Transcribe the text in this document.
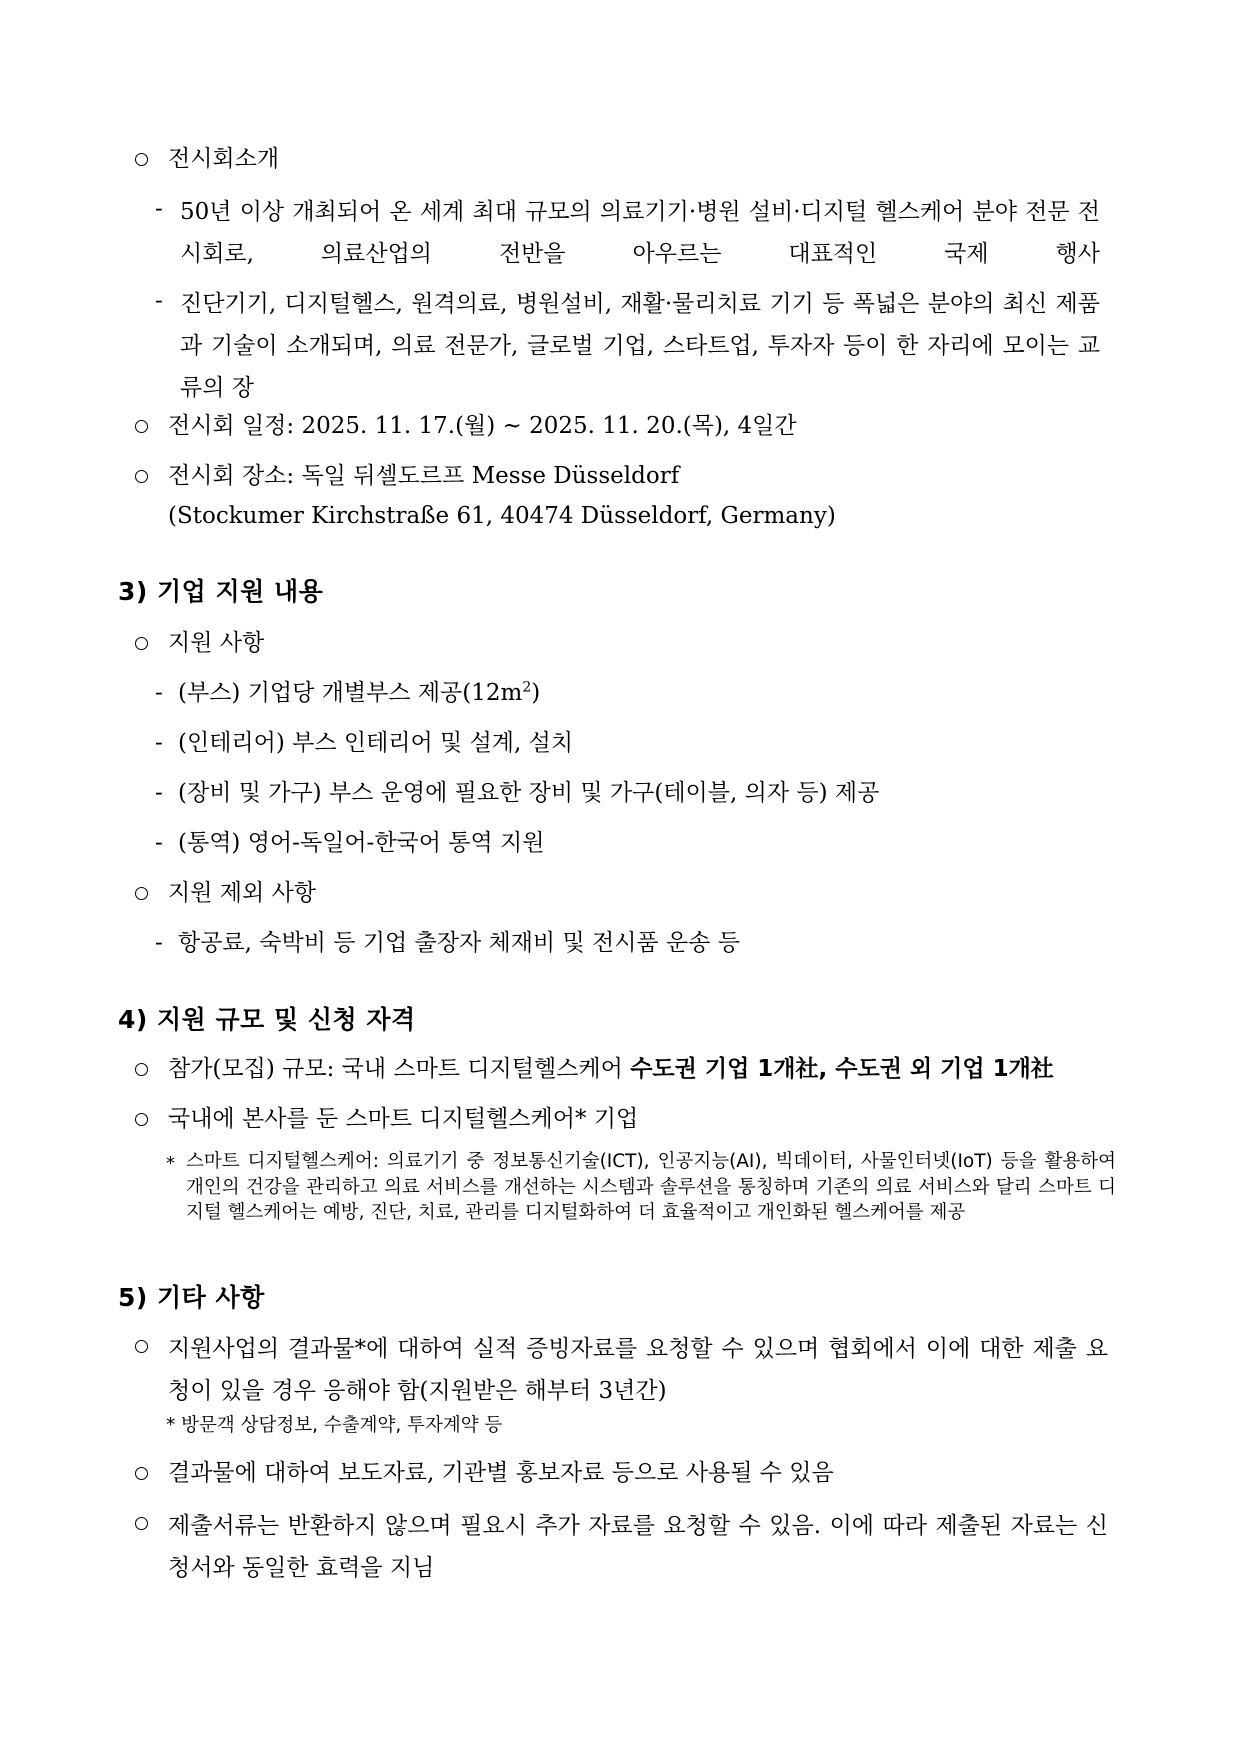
전시회소개
- 50년 이상 개최되어 온 세계 최대 규모의 의료기기·병원 설비·디지털 헬스케어 분야 전문 전시회로, 의료산업의 전반을 아우르는 대표적인 국제 행사
- 진단기기, 디지털헬스, 원격의료, 병원설비, 재활·물리치료 기기 등 폭넓은 분야의 최신 제품과 기술이 소개되며, 의료 전문가, 글로벌 기업, 스타트업, 투자자 등이 한 자리에 모이는 교류의 장
전시회 일정: 2025. 11. 17.(월) ~ 2025. 11. 20.(목), 4일간
전시회 장소: 독일 뒤셀도르프 Messe Düsseldorf
(Stockumer Kirchstraße 61, 40474 Düsseldorf, Germany)
3) 기업 지원 내용
지원 사항
- (부스) 기업당 개별부스 제공$(12m^2)$
- (인테리어) 부스 인테리어 및 설계, 설치
- (장비 및 가구) 부스 운영에 필요한 장비 및 가구(테이블, 의자 등) 제공
- (통역) 영어-독일어-한국어 통역 지원
지원 제외 사항
- 항공료, 숙박비 등 기업 출장자 체재비 및 전시품 운송 등
4) 지원 규모 및 신청 자격
참가(모집) 규모: 국내 스마트 디지털헬스케어 수도권 기업 1개社, 수도권 외 기업 1개社
국내에 본사를 둔 스마트 디지털헬스케어* 기업
* 스마트 디지털헬스케어: 의료기기 중 정보통신기술(ICT), 인공지능(AI), 빅데이터, 사물인터넷(IoT) 등을 활용하여 개인의 건강을 관리하고 의료 서비스를 개선하는 시스템과 솔루션을 통칭하며 기존의 의료 서비스와 달리 스마트 디지털 헬스케어는 예방, 진단, 치료, 관리를 디지털화하여 더 효율적이고 개인화된 헬스케어를 제공
5) 기타 사항
지원사업의 결과물*에 대하여 실적 증빙자료를 요청할 수 있으며 협회에서 이에 대한 제출 요청이 있을 경우 응해야 함(지원받은 해부터 3년간)
* 방문객 상담정보, 수출계약, 투자계약 등
결과물에 대하여 보도자료, 기관별 홍보자료 등으로 사용될 수 있음
제출서류는 반환하지 않으며 필요시 추가 자료를 요청할 수 있음. 이에 따라 제출된 자료는 신청서와 동일한 효력을 지님
